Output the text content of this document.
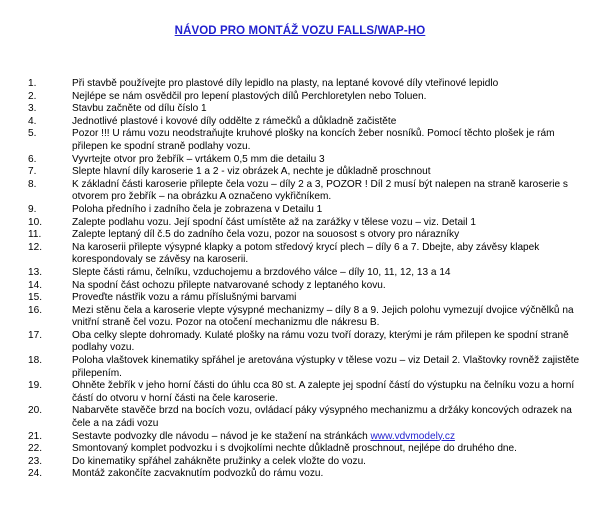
NÁVOD PRO MONTÁŽ VOZU FALLS/WAP-HO
1.	Při stavbě používejte pro plastové díly lepidlo na plasty, na leptané kovové díly vteřinové lepidlo
2.	Nejlépe se nám osvědčil pro lepení plastových dílů Perchloretylen nebo Toluen.
3.	Stavbu začněte od dílu číslo 1
4.	Jednotlivé plastové i kovové díly oddělte z rámečků a důkladně začistěte
5.	Pozor !!! U rámu vozu neodstraňujte kruhové plošky na koncích žeber nosníků. Pomocí těchto plošek je rám přilepen ke spodní straně podlahy vozu.
6.	Vyvrtejte otvor pro žebřík – vrtákem 0,5 mm die detailu 3
7.	Slepte hlavní díly karoserie 1 a 2 - viz obrázek A, nechte je důkladně proschnout
8.	K základní části karoserie přilepte čela vozu – díly 2 a 3, POZOR ! Díl 2 musí být nalepen na straně karoserie s otvorem pro žebřík – na obrázku A označeno vykřičníkem.
9.	Poloha předního i zadního čela je zobrazena v Detailu 1
10.	Zalepte podlahu vozu. Její spodní část umístěte až na zarážky v tělese vozu – viz. Detail 1
11.	Zalepte leptaný díl č.5 do zadního čela vozu, pozor na souosost s otvory pro nárazníky
12.	Na karoserii přilepte výsypné klapky a potom středový krycí plech – díly 6 a 7. Dbejte, aby závěsy klapek korespondovaly se závěsy na karoserii.
13.	Slepte části rámu, čelníku, vzduchojemu a brzdového válce – díly 10, 11, 12, 13 a 14
14.	Na spodní část ochozu přilepte natvarované schody z leptaného kovu.
15.	Proveďte nástřik vozu a rámu příslušnými barvami
16.	Mezi stěnu čela a karoserie vlepte výsypné mechanizmy – díly 8 a 9. Jejich polohu vymezují dvojice výčnělků na vnitřní straně čel vozu. Pozor na otočení mechanizmu dle nákresu B.
17.	Oba celky slepte dohromady. Kulaté plošky na rámu vozu tvoří dorazy, kterými je rám přilepen ke spodní straně podlahy vozu.
18.	Poloha vlaštovek kinematiky spřáhel je aretována výstupky v tělese vozu – viz Detail 2. Vlaštovky rovněž zajistěte přilepením.
19.	Ohněte žebřík v jeho horní části do úhlu cca 80 st. A zalepte jej spodní částí do výstupku na čelníku vozu a horní částí do otvoru v horní části na čele karoserie.
20.	Nabarvěte stavěče brzd na bocích vozu, ovládací páky výsypného mechanizmu a držáky koncových odrazek na čele a na zádi vozu
21.	Sestavte podvozky dle návodu – návod je ke stažení na stránkách www.vdvmodely.cz
22.	Smontovaný komplet podvozku i s dvojkolími nechte důkladně proschnout, nejlépe do druhého dne.
23.	Do kinematiky spřáhel zahákněte pružinky a celek vložte do vozu.
24.	Montáž zakončíte zacvaknutím podvozků do rámu vozu.
